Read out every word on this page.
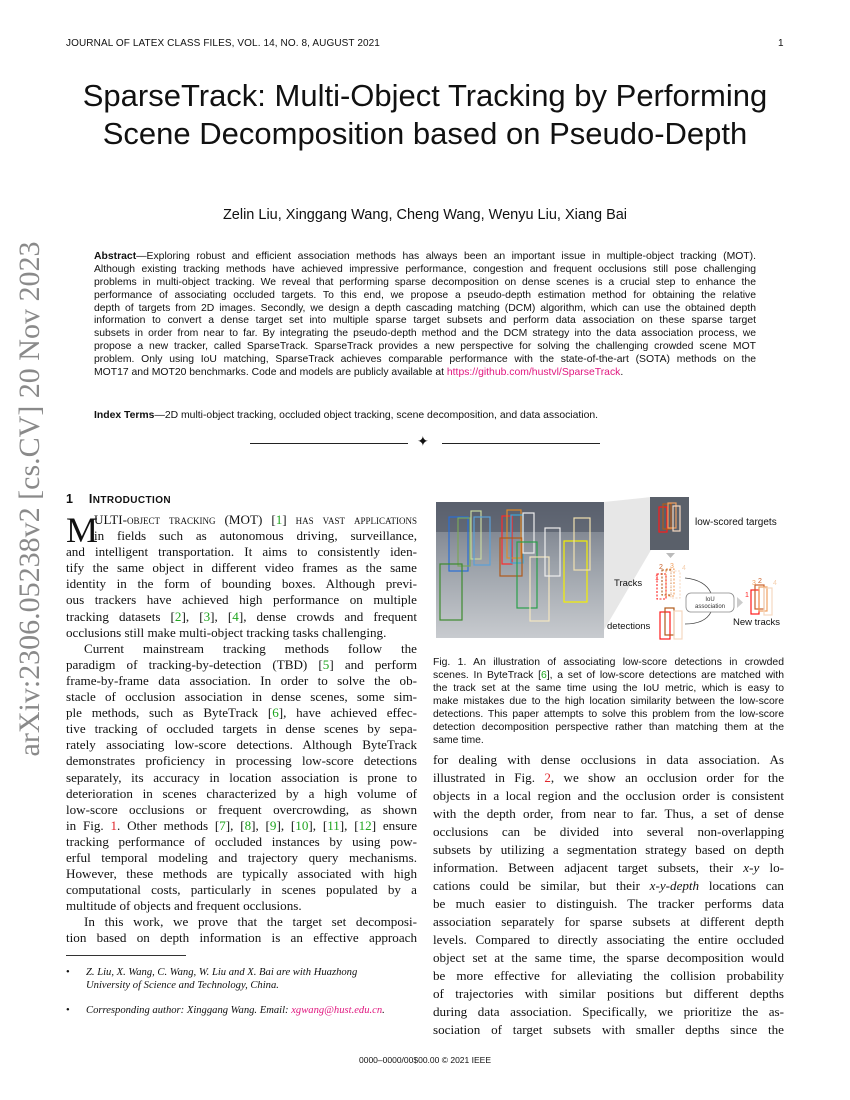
JOURNAL OF LATEX CLASS FILES, VOL. 14, NO. 8, AUGUST 2021	1
arXiv:2306.05238v2 [cs.CV] 20 Nov 2023
SparseTrack: Multi-Object Tracking by Performing Scene Decomposition based on Pseudo-Depth
Zelin Liu, Xinggang Wang, Cheng Wang, Wenyu Liu, Xiang Bai
Abstract—Exploring robust and efficient association methods has always been an important issue in multiple-object tracking (MOT).
Although existing tracking methods have achieved impressive performance, congestion and frequent occlusions still pose challenging
problems in multi-object tracking. We reveal that performing sparse decomposition on dense scenes is a crucial step to enhance the
performance of associating occluded targets. To this end, we propose a pseudo-depth estimation method for obtaining the relative
depth of targets from 2D images. Secondly, we design a depth cascading matching (DCM) algorithm, which can use the obtained depth
information to convert a dense target set into multiple sparse target subsets and perform data association on these sparse target
subsets in order from near to far. By integrating the pseudo-depth method and the DCM strategy into the data association process, we
propose a new tracker, called SparseTrack. SparseTrack provides a new perspective for solving the challenging crowded scene MOT
problem. Only using IoU matching, SparseTrack achieves comparable performance with the state-of-the-art (SOTA) methods on the
MOT17 and MOT20 benchmarks. Code and models are publicly available at https://github.com/hustvl/SparseTrack.
Index Terms—2D multi-object tracking, occluded object tracking, scene decomposition, and data association.
✦
1 INTRODUCTION
M
ULTI-object tracking (MOT) [1] has vast applications
in fields such as autonomous driving, surveillance,
and intelligent transportation. It aims to consistently iden-
tify the same object in different video frames as the same
identity in the form of bounding boxes. Although previ-
ous trackers have achieved high performance on multiple
tracking datasets [2], [3], [4], dense crowds and frequent
occlusions still make multi-object tracking tasks challenging.
Current mainstream tracking methods follow the
paradigm of tracking-by-detection (TBD) [5] and perform
frame-by-frame data association. In order to solve the ob-
stacle of occlusion association in dense scenes, some sim-
ple methods, such as ByteTrack [6], have achieved effec-
tive tracking of occluded targets in dense scenes by sepa-
rately associating low-score detections. Although ByteTrack
demonstrates proficiency in processing low-score detections
separately, its accuracy in location association is prone to
deterioration in scenes characterized by a high volume of
low-score occlusions or frequent overcrowding, as shown
in Fig. 1. Other methods [7], [8], [9], [10], [11], [12] ensure
tracking performance of occluded instances by using pow-
erful temporal modeling and trajectory query mechanisms.
However, these methods are typically associated with high
computational costs, particularly in scenes populated by a
multitude of objects and frequent occlusions.
In this work, we prove that the target set decomposi-
tion based on depth information is an effective approach
low-scored targets
Tracks
detections
1
2 3 4
IoU
association
1
2
3 4
New tracks
Fig. 1. An illustration of associating low-score detections in crowded
scenes. In ByteTrack [6], a set of low-score detections are matched with
the track set at the same time using the IoU metric, which is easy to
make mistakes due to the high location similarity between the low-score
detections. This paper attempts to solve this problem from the low-score
detection decomposition perspective rather than matching them at the
same time.
for dealing with dense occlusions in data association. As
illustrated in Fig. 2, we show an occlusion order for the
objects in a local region and the occlusion order is consistent
with the depth order, from near to far. Thus, a set of dense
occlusions can be divided into several non-overlapping
subsets by utilizing a segmentation strategy based on depth
information. Between adjacent target subsets, their x-y lo-
cations could be similar, but their x-y-depth locations can
be much easier to distinguish. The tracker performs data
association separately for sparse subsets at different depth
levels. Compared to directly associating the entire occluded
object set at the same time, the sparse decomposition would
be more effective for alleviating the collision probability
of trajectories with similar positions but different depths
during data association. Specifically, we prioritize the as-
sociation of target subsets with smaller depths since the
•	Z. Liu, X. Wang, C. Wang, W. Liu and X. Bai are with Huazhong
University of Science and Technology, China.
•	Corresponding author: Xinggang Wang. Email: xgwang@hust.edu.cn.
0000–0000/00$00.00 © 2021 IEEE
